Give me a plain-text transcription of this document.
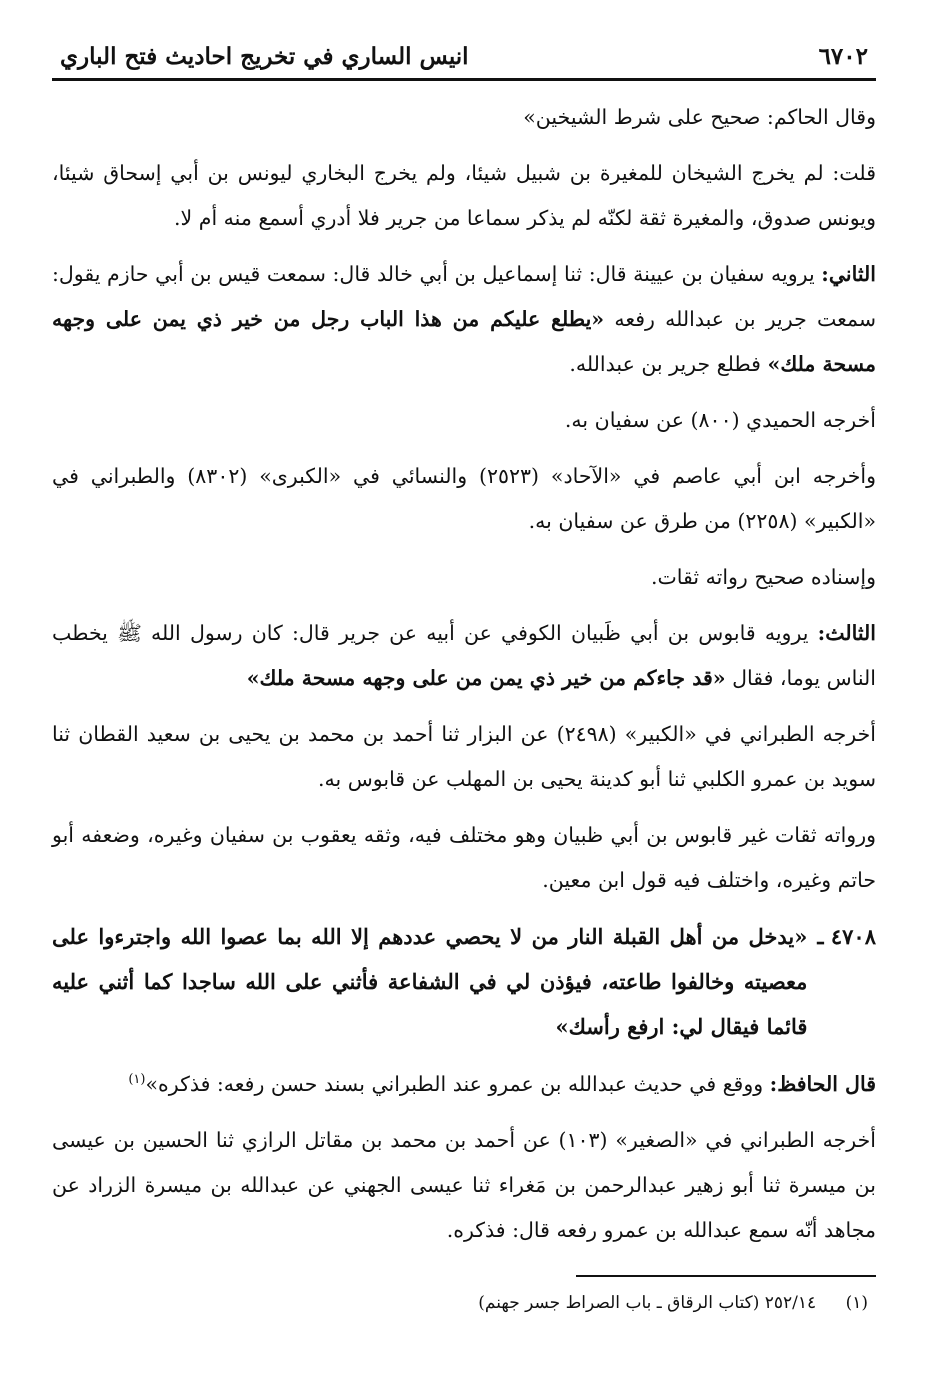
٦٧٠٢
انيس الساري في تخريج احاديث فتح الباري

وقال الحاكم: صحيح على شرط الشيخين»

قلت: لم يخرج الشيخان للمغيرة بن شبيل شيئا، ولم يخرج البخاري ليونس بن أبي إسحاق شيئا، ويونس صدوق، والمغيرة ثقة لكنّه لم يذكر سماعا من جرير فلا أدري أسمع منه أم لا.

الثاني: يرويه سفيان بن عيينة قال: ثنا إسماعيل بن أبي خالد قال: سمعت قيس بن أبي حازم يقول: سمعت جرير بن عبدالله رفعه «يطلع عليكم من هذا الباب رجل من خير ذي يمن على وجهه مسحة ملك» فطلع جرير بن عبدالله.

أخرجه الحميدي (٨٠٠) عن سفيان به.

وأخرجه ابن أبي عاصم في «الآحاد» (٢٥٢٣) والنسائي في «الكبرى» (٨٣٠٢) والطبراني في «الكبير» (٢٢٥٨) من طرق عن سفيان به.

وإسناده صحيح رواته ثقات.

الثالث: يرويه قابوس بن أبي ظَبيان الكوفي عن أبيه عن جرير قال: كان رسول الله ﷺ يخطب الناس يوما، فقال «قد جاءكم من خير ذي يمن من على وجهه مسحة ملك»

أخرجه الطبراني في «الكبير» (٢٤٩٨) عن البزار ثنا أحمد بن محمد بن يحيى بن سعيد القطان ثنا سويد بن عمرو الكلبي ثنا أبو كدينة يحيى بن المهلب عن قابوس به.

ورواته ثقات غير قابوس بن أبي ظبيان وهو مختلف فيه، وثقه يعقوب بن سفيان وغيره، وضعفه أبو حاتم وغيره، واختلف فيه قول ابن معين.

٤٧٠٨ ـ
«يدخل من أهل القبلة النار من لا يحصي عددهم إلا الله بما عصوا الله واجترءوا على معصيته وخالفوا طاعته، فيؤذن لي في الشفاعة فأثني على الله ساجدا كما أثني عليه قائما فيقال لي: ارفع رأسك»

قال الحافظ: ووقع في حديث عبدالله بن عمرو عند الطبراني بسند حسن رفعه: فذكره»$^{(١)}$

أخرجه الطبراني في «الصغير» (١٠٣) عن أحمد بن محمد بن مقاتل الرازي ثنا الحسين بن عيسى بن ميسرة ثنا أبو زهير عبدالرحمن بن مَغراء ثنا عيسى الجهني عن عبدالله بن ميسرة الزراد عن مجاهد أنّه سمع عبدالله بن عمرو رفعه قال: فذكره.

(١) ٢٥٢/١٤ (كتاب الرقاق ـ باب الصراط جسر جهنم)
